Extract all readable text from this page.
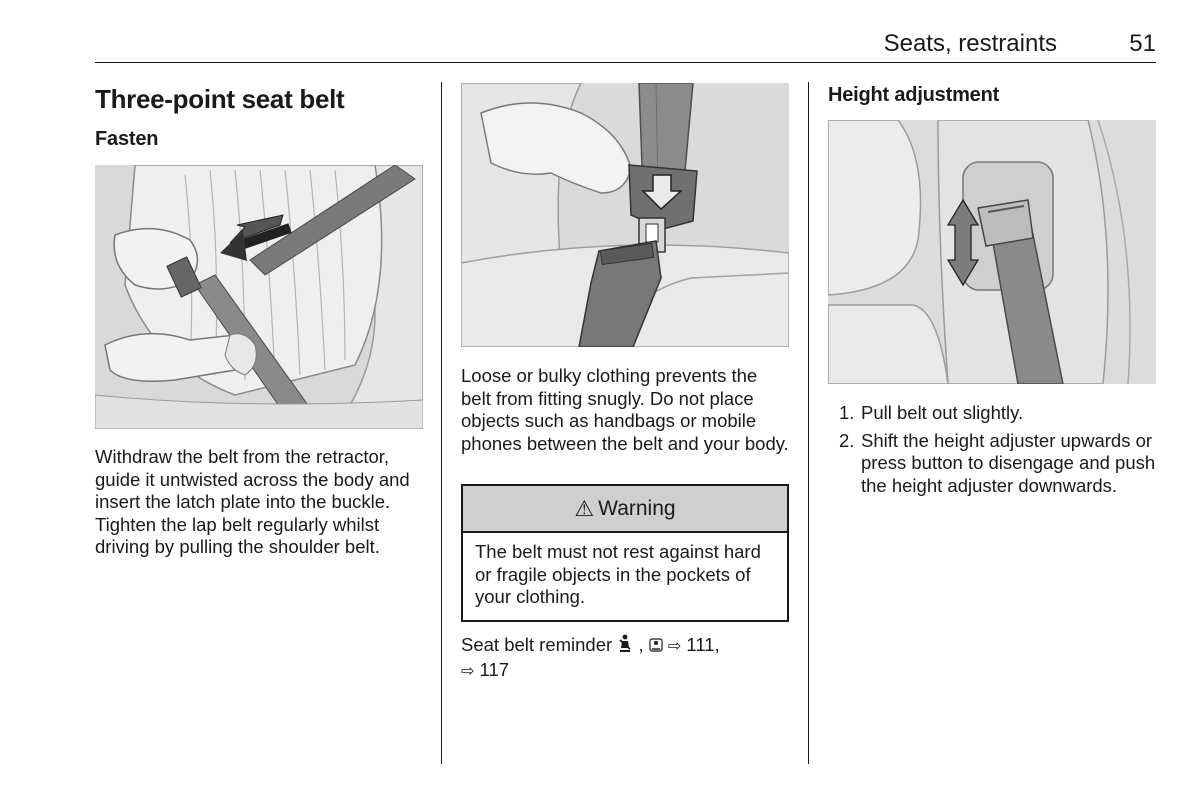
Seats, restraints	51
Three-point seat belt
Fasten

Withdraw the belt from the retractor, guide it untwisted across the body and insert the latch plate into the buckle. Tighten the lap belt regularly whilst driving by pulling the shoulder belt.

Loose or bulky clothing prevents the belt from fitting snugly. Do not place objects such as handbags or mobile phones between the belt and your body.

⚠ Warning
The belt must not rest against hard or fragile objects in the pockets of your clothing.
Seat belt reminder ,  ⇨ 111,
⇨ 117
Height adjustment
1. Pull belt out slightly.
2. Shift the height adjuster upwards or press button to disengage and push the height adjuster downwards.
